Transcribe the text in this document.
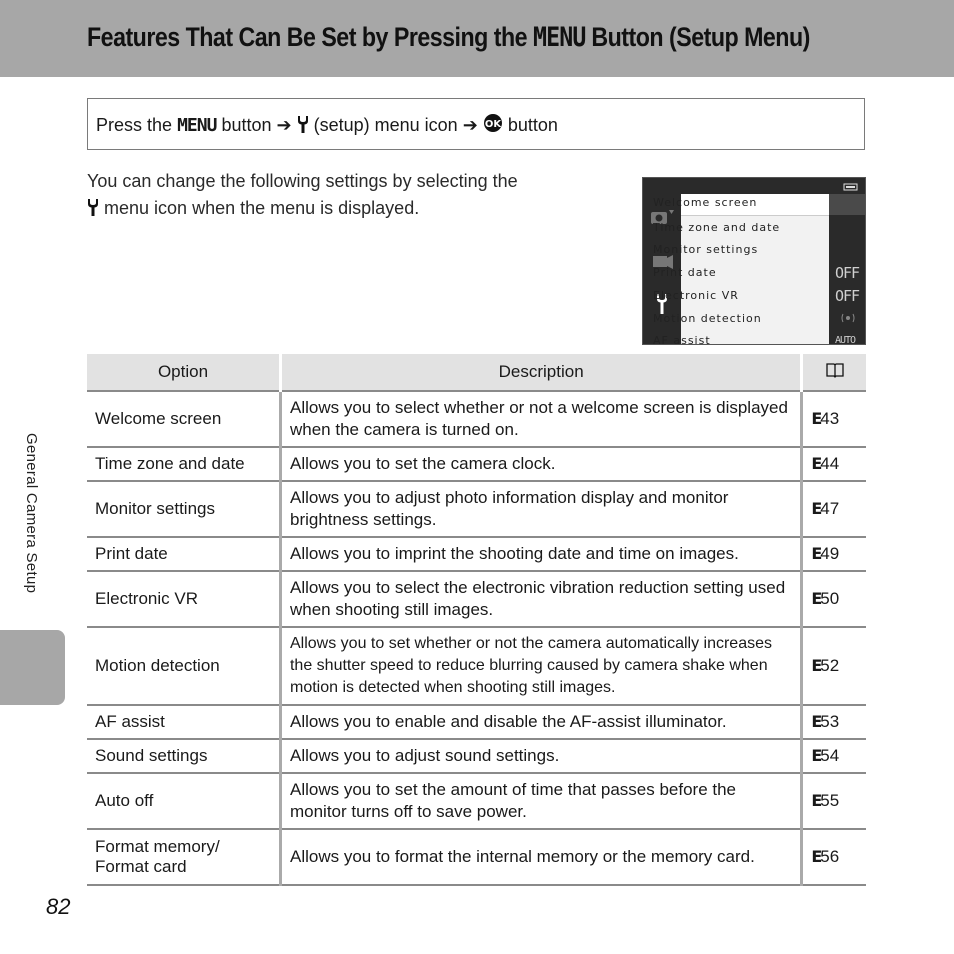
Features That Can Be Set by Pressing the MENU Button (Setup Menu)
Press the MENU button ➔ (setup) menu icon ➔ OK button
You can change the following settings by selecting the
menu icon when the menu is displayed.	Welcome screen
Time zone and date
Monitor settings
Print date
Electronic VR
Motion detection
AF assist
OFF
OFF
AUTO
Option	Description	
Welcome screen	Allows you to select whether or not a welcome screen is displayed when the camera is turned on.	E43
Time zone and date	Allows you to set the camera clock.	E44
Monitor settings	Allows you to adjust photo information display and monitor brightness settings.	E47
Print date	Allows you to imprint the shooting date and time on images.	E49
Electronic VR	Allows you to select the electronic vibration reduction setting used when shooting still images.	E50
Motion detection	Allows you to set whether or not the camera automatically increases the shutter speed to reduce blurring caused by camera shake when motion is detected when shooting still images.	E52
AF assist	Allows you to enable and disable the AF-assist illuminator.	E53
Sound settings	Allows you to adjust sound settings.	E54
Auto off	Allows you to set the amount of time that passes before the monitor turns off to save power.	E55

Format memory/
Format card	Allows you to format the internal memory or the memory card.	E56
General Camera Setup
82
